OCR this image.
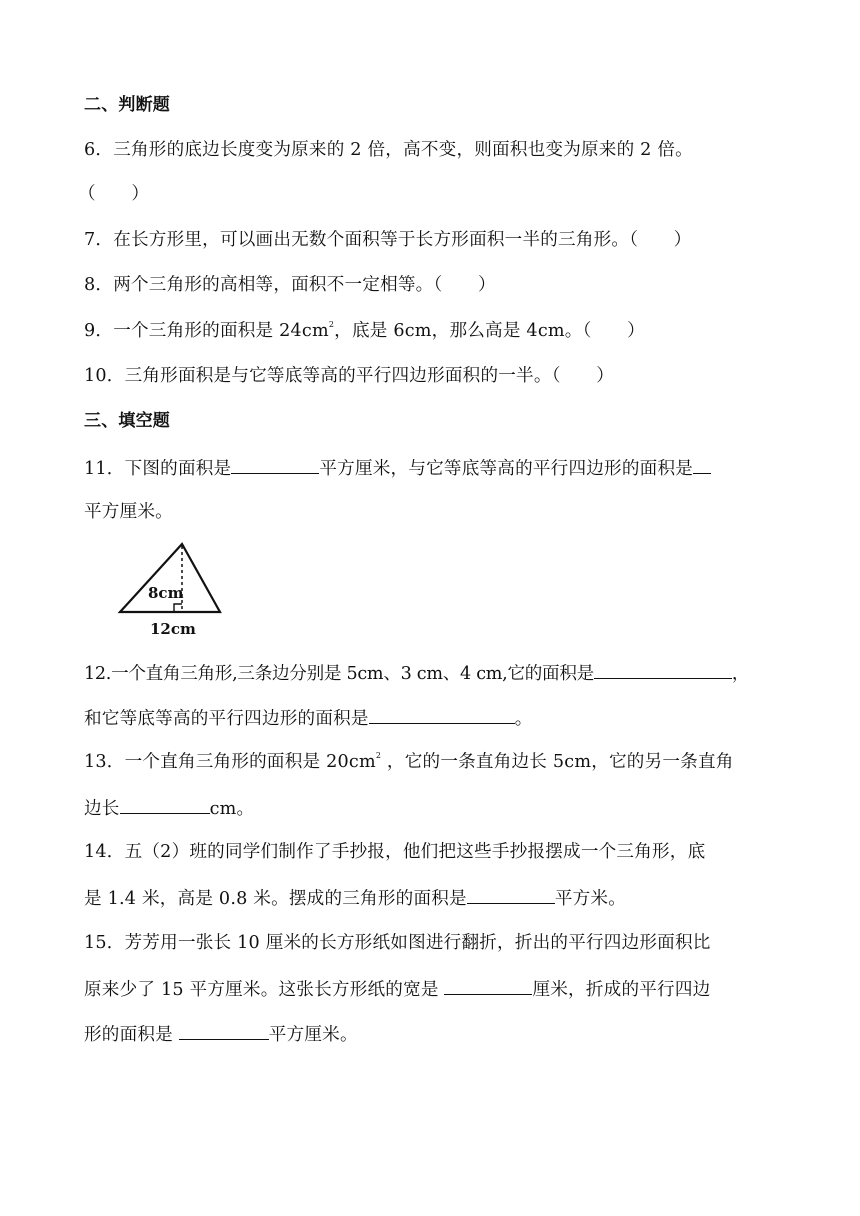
二、判断题

6．三角形的底边长度变为原来的 2 倍，高不变，则面积也变为原来的 2 倍。

（　　）

7．在长方形里，可以画出无数个面积等于长方形面积一半的三角形。（　　）

8．两个三角形的高相等，面积不一定相等。（　　）

9．一个三角形的面积是 $24cm^2$，底是 6cm，那么高是 4cm。（　　）

10．三角形面积是与它等底等高的平行四边形面积的一半。（　　）

三、填空题

11．下图的面积是	平方厘米，与它等底等高的平行四边形的面积是

平方厘米。

8cm
12cm

12.一个直角三角形,三条边分别是 5cm、3 cm、4 cm,它的面积是	，

和它等底等高的平行四边形的面积是	。

13．一个直角三角形的面积是 $20cm^2$ ，它的一条直角边长 5cm，它的另一条直角

边长	cm。

14．五（2）班的同学们制作了手抄报，他们把这些手抄报摆成一个三角形，底

是 1.4 米，高是 0.8 米。摆成的三角形的面积是	平方米。

15．芳芳用一张长 10 厘米的长方形纸如图进行翻折，折出的平行四边形面积比

原来少了 15 平方厘米。这张长方形纸的宽是	厘米，折成的平行四边

形的面积是	平方厘米。
